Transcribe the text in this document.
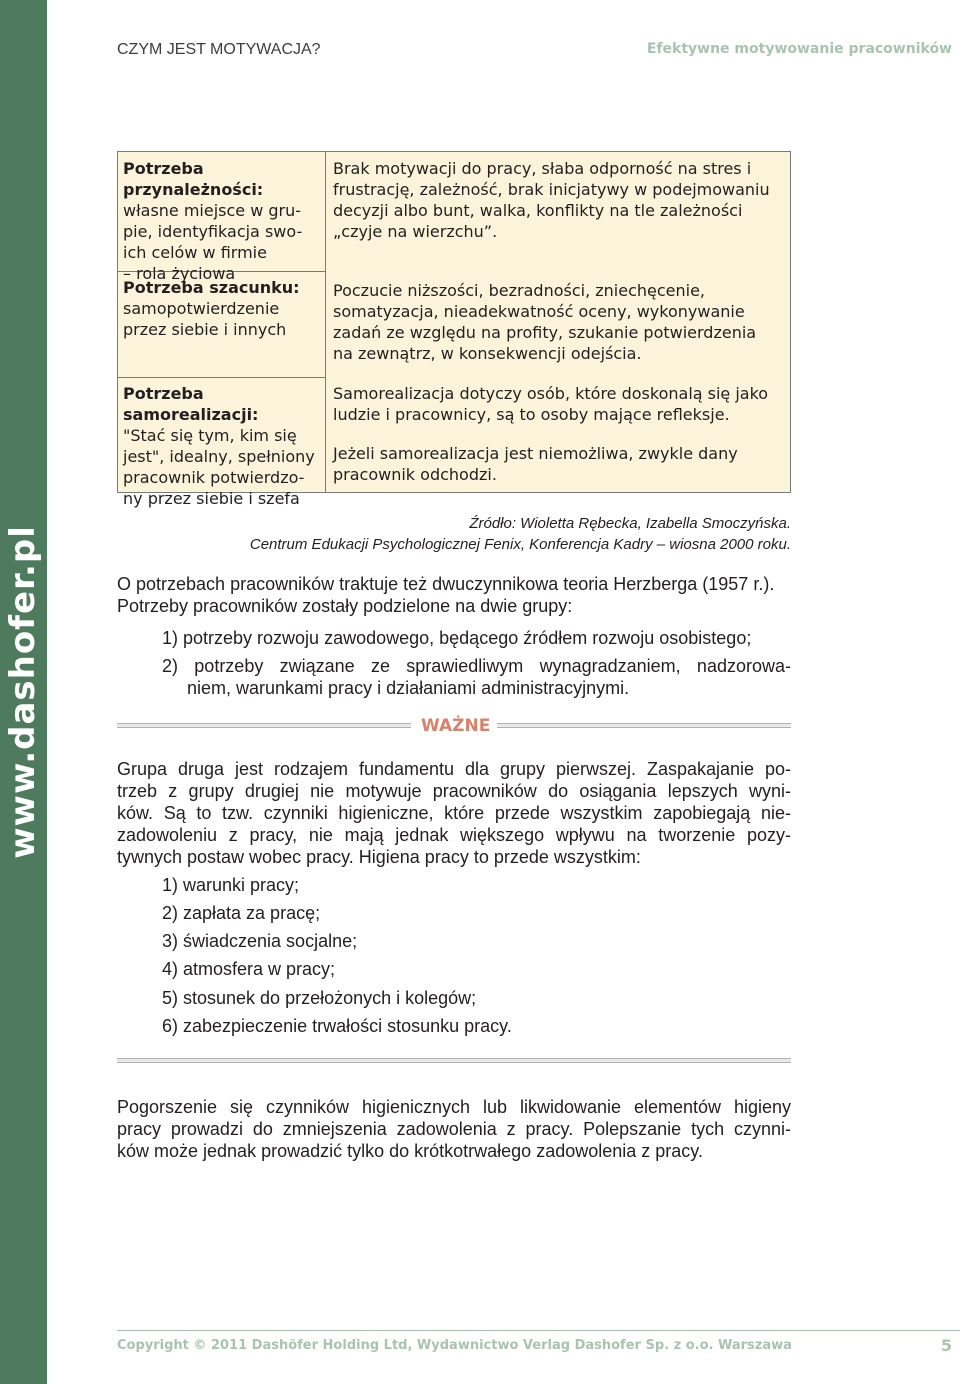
www.dashofer.pl
CZYM JEST MOTYWACJA?	Efektywne motywowanie pracowników
Potrzeba przynależności:
własne miejsce w gru-
pie, identyfikacja swo-
ich celów w firmie
– rola życiowa
Brak motywacji do pracy, słaba odporność na stres i
frustrację, zależność, brak inicjatywy w podejmowaniu
decyzji albo bunt, walka, konflikty na tle zależności
„czyje na wierzchu”.
Potrzeba szacunku:
samopotwierdzenie
przez siebie i innych
Poczucie niższości, bezradności, zniechęcenie,
somatyzacja, nieadekwatność oceny, wykonywanie
zadań ze względu na profity, szukanie potwierdzenia
na zewnątrz, w konsekwencji odejścia.
Potrzeba samorealizacji:
"Stać się tym, kim się
jest", idealny, spełniony
pracownik potwierdzo-
ny przez siebie i szefa
Samorealizacja dotyczy osób, które doskonalą się jako
ludzie i pracownicy, są to osoby mające refleksje.
Jeżeli samorealizacja jest niemożliwa, zwykle dany
pracownik odchodzi.
Źródło: Wioletta Rębecka, Izabella Smoczyńska.
Centrum Edukacji Psychologicznej Fenix, Konferencja Kadry – wiosna 2000 roku.
O potrzebach pracowników traktuje też dwuczynnikowa teoria Herzberga (1957 r.).
Potrzeby pracowników zostały podzielone na dwie grupy:
1) potrzeby rozwoju zawodowego, będącego źródłem rozwoju osobistego;
2) potrzeby związane ze sprawiedliwym wynagradzaniem, nadzorowa-
niem, warunkami pracy i działaniami administracyjnymi.
WAŻNE
Grupa druga jest rodzajem fundamentu dla grupy pierwszej. Zaspakajanie po-
trzeb z grupy drugiej nie motywuje pracowników do osiągania lepszych wyni-
ków. Są to tzw. czynniki higieniczne, które przede wszystkim zapobiegają nie-
zadowoleniu z pracy, nie mają jednak większego wpływu na tworzenie pozy-
tywnych postaw wobec pracy. Higiena pracy to przede wszystkim:
1) warunki pracy;
2) zapłata za pracę;
3) świadczenia socjalne;
4) atmosfera w pracy;
5) stosunek do przełożonych i kolegów;
6) zabezpieczenie trwałości stosunku pracy.
Pogorszenie się czynników higienicznych lub likwidowanie elementów higieny
pracy prowadzi do zmniejszenia zadowolenia z pracy. Polepszanie tych czynni-
ków może jednak prowadzić tylko do krótkotrwałego zadowolenia z pracy.
Copyright © 2011 Dashöfer Holding Ltd, Wydawnictwo Verlag Dashofer Sp. z o.o. Warszawa	5
